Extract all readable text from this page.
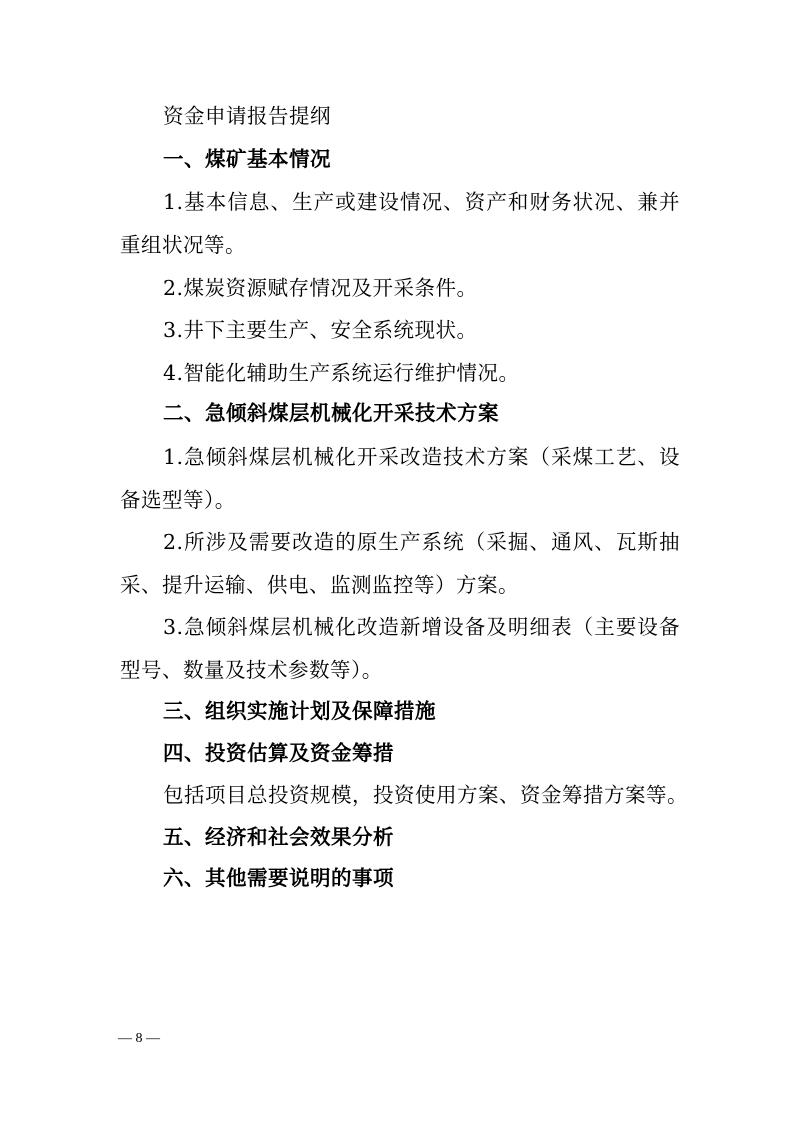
资金申请报告提纲
一、煤矿基本情况
1.基本信息、生产或建设情况、资产和财务状况、兼并
重组状况等。
2.煤炭资源赋存情况及开采条件。
3.井下主要生产、安全系统现状。
4.智能化辅助生产系统运行维护情况。
二、急倾斜煤层机械化开采技术方案
1.急倾斜煤层机械化开采改造技术方案（采煤工艺、设
备选型等）。
2.所涉及需要改造的原生产系统（采掘、通风、瓦斯抽
采、提升运输、供电、监测监控等）方案。
3.急倾斜煤层机械化改造新增设备及明细表（主要设备
型号、数量及技术参数等）。
三、组织实施计划及保障措施
四、投资估算及资金筹措
包括项目总投资规模，投资使用方案、资金筹措方案等。
五、经济和社会效果分析
六、其他需要说明的事项
— 8 —
